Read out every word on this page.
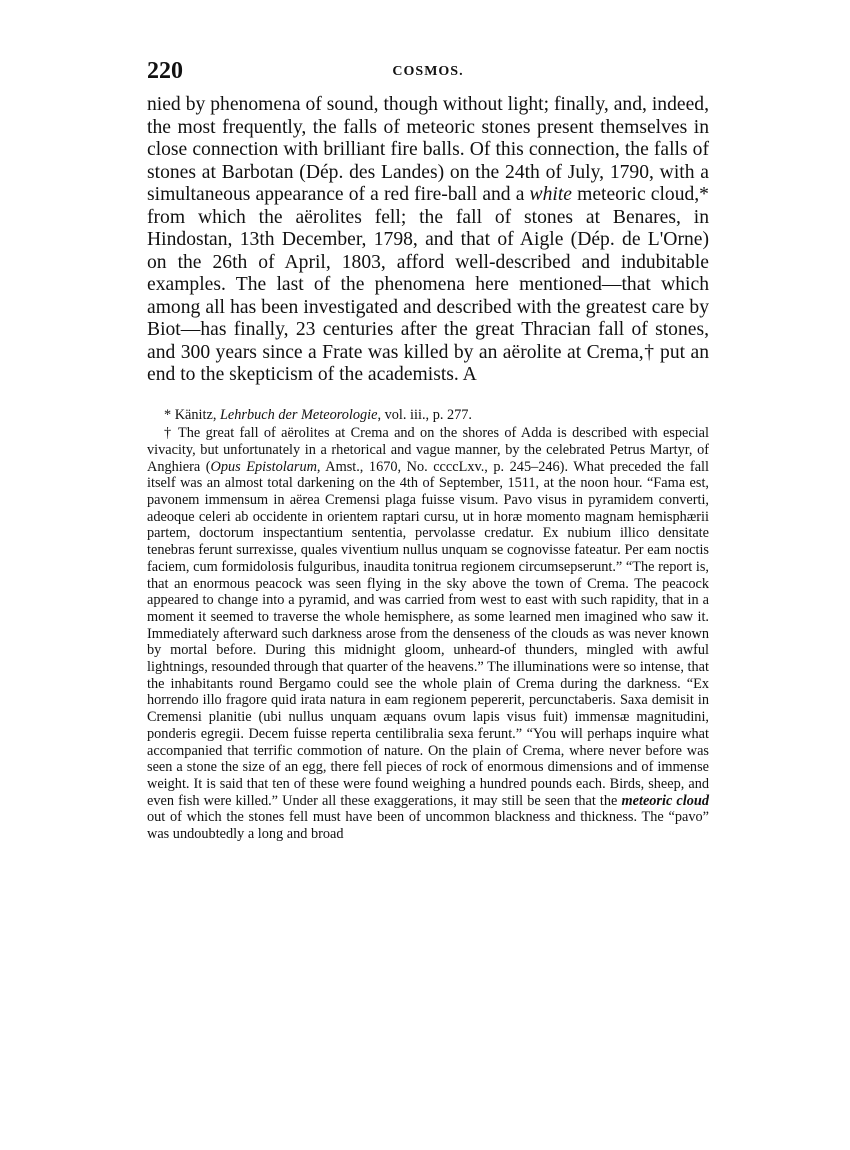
220	COSMOS.

nied by phenomena of sound, though without light; finally, and, indeed, the most frequently, the falls of meteoric stones present themselves in close connection with brilliant fire balls. Of this connection, the falls of stones at Barbotan (Dép. des Landes) on the 24th of July, 1790, with a simultaneous appearance of a red fire-ball and a white meteoric cloud,* from which the aërolites fell; the fall of stones at Benares, in Hindostan, 13th December, 1798, and that of Aigle (Dép. de L'Orne) on the 26th of April, 1803, afford well-described and indubitable examples. The last of the phenomena here mentioned—that which among all has been investigated and described with the greatest care by Biot—has finally, 23 centuries after the great Thracian fall of stones, and 300 years since a Frate was killed by an aërolite at Crema,† put an end to the skepticism of the academists. A

* Känitz, Lehrbuch der Meteorologie, vol. iii., p. 277.

† The great fall of aërolites at Crema and on the shores of Adda is described with especial vivacity, but unfortunately in a rhetorical and vague manner, by the celebrated Petrus Martyr, of Anghiera (Opus Epistolarum, Amst., 1670, No. ccccLxv., p. 245–246). What preceded the fall itself was an almost total darkening on the 4th of September, 1511, at the noon hour. “Fama est, pavonem immensum in aërea Cremensi plaga fuisse visum. Pavo visus in pyramidem converti, adeoque celeri ab occidente in orientem raptari cursu, ut in horæ momento magnam hemisphærii partem, doctorum inspectantium sententia, pervolasse credatur. Ex nubium illico densitate tenebras ferunt surrexisse, quales viventium nullus unquam se cognovisse fateatur. Per eam noctis faciem, cum formidolosis fulguribus, inaudita tonitrua regionem circumsepserunt.” “The report is, that an enormous peacock was seen flying in the sky above the town of Crema. The peacock appeared to change into a pyramid, and was carried from west to east with such rapidity, that in a moment it seemed to traverse the whole hemisphere, as some learned men imagined who saw it. Immediately afterward such darkness arose from the denseness of the clouds as was never known by mortal before. During this midnight gloom, unheard-of thunders, mingled with awful lightnings, resounded through that quarter of the heavens.” The illuminations were so intense, that the inhabitants round Bergamo could see the whole plain of Crema during the darkness. “Ex horrendo illo fragore quid irata natura in eam regionem pepererit, percunctaberis. Saxa demisit in Cremensi planitie (ubi nullus unquam æquans ovum lapis visus fuit) immensæ magnitudini, ponderis egregii. Decem fuisse reperta centilibralia sexa ferunt.” “You will perhaps inquire what accompanied that terrific commotion of nature. On the plain of Crema, where never before was seen a stone the size of an egg, there fell pieces of rock of enormous dimensions and of immense weight. It is said that ten of these were found weighing a hundred pounds each. Birds, sheep, and even fish were killed.” Under all these exaggerations, it may still be seen that the meteoric cloud out of which the stones fell must have been of uncommon blackness and thickness. The “pavo” was undoubtedly a long and broad
